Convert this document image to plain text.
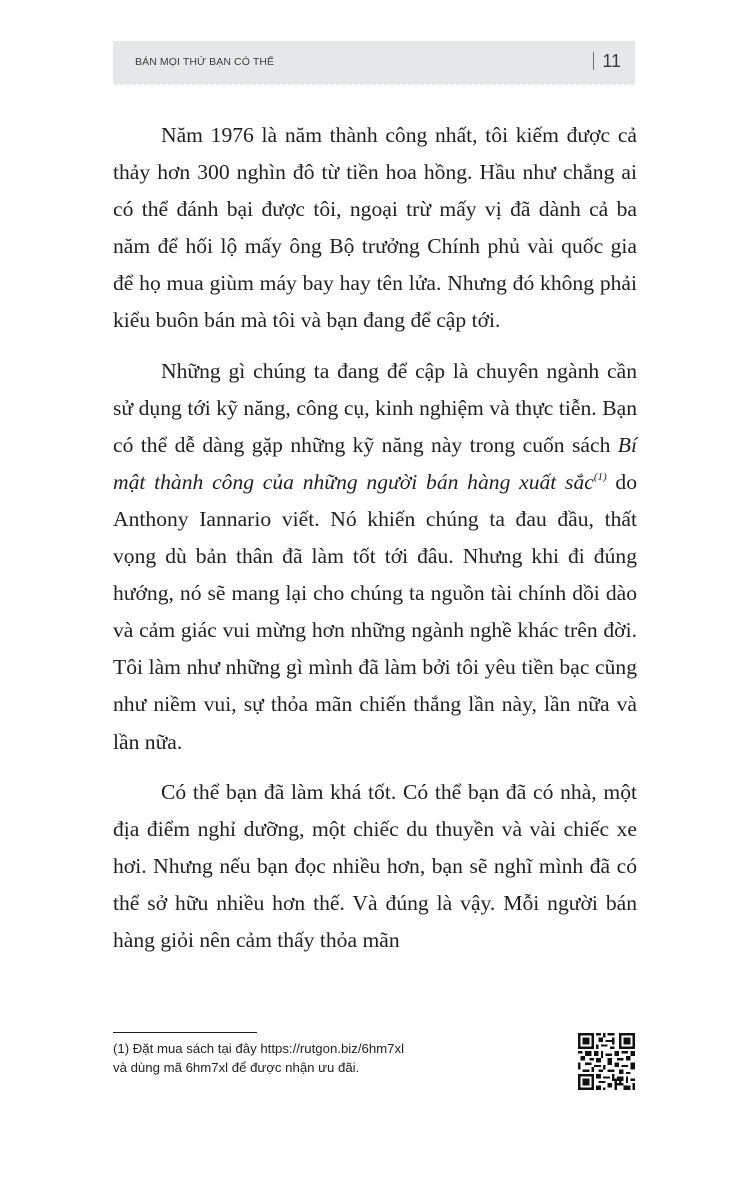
BÁN MỌI THỨ BẠN CÓ THỂ	11

Năm 1976 là năm thành công nhất, tôi kiếm được cả thảy hơn 300 nghìn đô từ tiền hoa hồng. Hầu như chẳng ai có thể đánh bại được tôi, ngoại trừ mấy vị đã dành cả ba năm để hối lộ mấy ông Bộ trưởng Chính phủ vài quốc gia để họ mua giùm máy bay hay tên lửa. Nhưng đó không phải kiểu buôn bán mà tôi và bạn đang để cập tới.

Những gì chúng ta đang để cập là chuyên ngành cần sử dụng tới kỹ năng, công cụ, kinh nghiệm và thực tiễn. Bạn có thể dễ dàng gặp những kỹ năng này trong cuốn sách Bí mật thành công của những người bán hàng xuất sắc$^{(1)}$ do Anthony Iannario viết. Nó khiến chúng ta đau đầu, thất vọng dù bản thân đã làm tốt tới đâu. Nhưng khi đi đúng hướng, nó sẽ mang lại cho chúng ta nguồn tài chính dồi dào và cảm giác vui mừng hơn những ngành nghề khác trên đời. Tôi làm như những gì mình đã làm bởi tôi yêu tiền bạc cũng như niềm vui, sự thỏa mãn chiến thắng lần này, lần nữa và lần nữa.

Có thể bạn đã làm khá tốt. Có thể bạn đã có nhà, một địa điểm nghỉ dưỡng, một chiếc du thuyền và vài chiếc xe hơi. Nhưng nếu bạn đọc nhiều hơn, bạn sẽ nghĩ mình đã có thể sở hữu nhiều hơn thế. Và đúng là vậy. Mỗi người bán hàng giỏi nên cảm thấy thỏa mãn

(1) Đặt mua sách tại đây https://rutgon.biz/6hm7xl
và dùng mã 6hm7xl để được nhận ưu đãi.
